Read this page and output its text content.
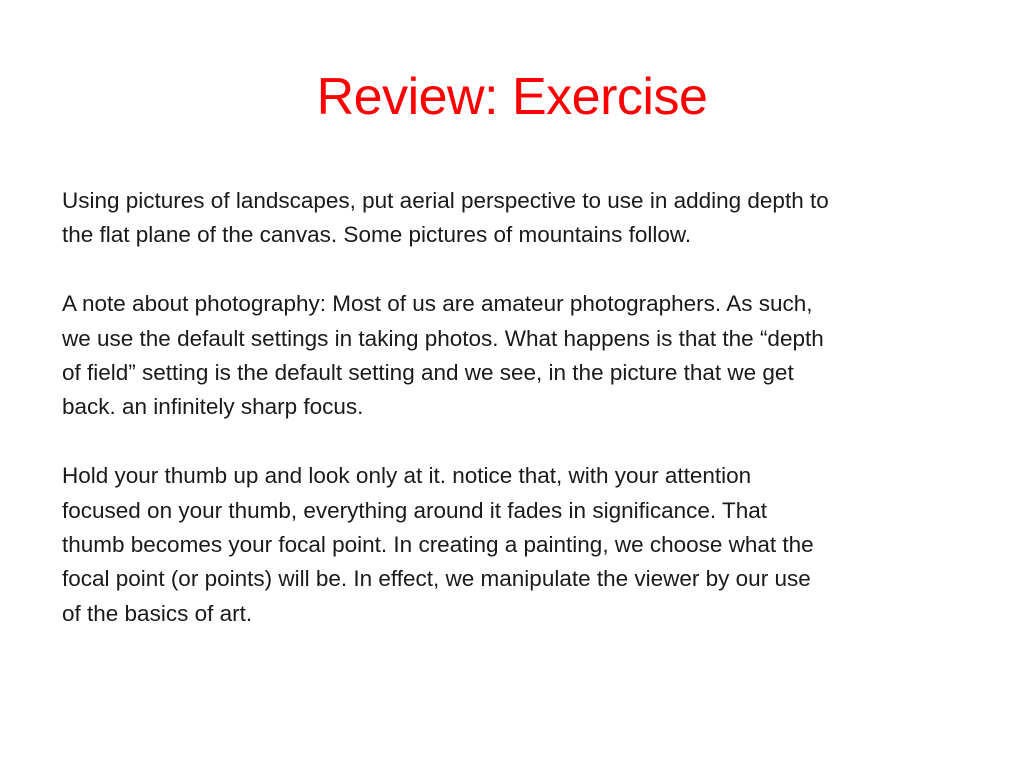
Review: Exercise

Using pictures of landscapes, put aerial perspective to use in adding depth to
the flat plane of the canvas. Some pictures of mountains follow.

A note about photography: Most of us are amateur photographers. As such,
we use the default settings in taking photos. What happens is that the “depth
of field” setting is the default setting and we see, in the picture that we get
back. an infinitely sharp focus.

Hold your thumb up and look only at it. notice that, with your attention
focused on your thumb, everything around it fades in significance. That
thumb becomes your focal point. In creating a painting, we choose what the
focal point (or points) will be. In effect, we manipulate the viewer by our use
of the basics of art.
